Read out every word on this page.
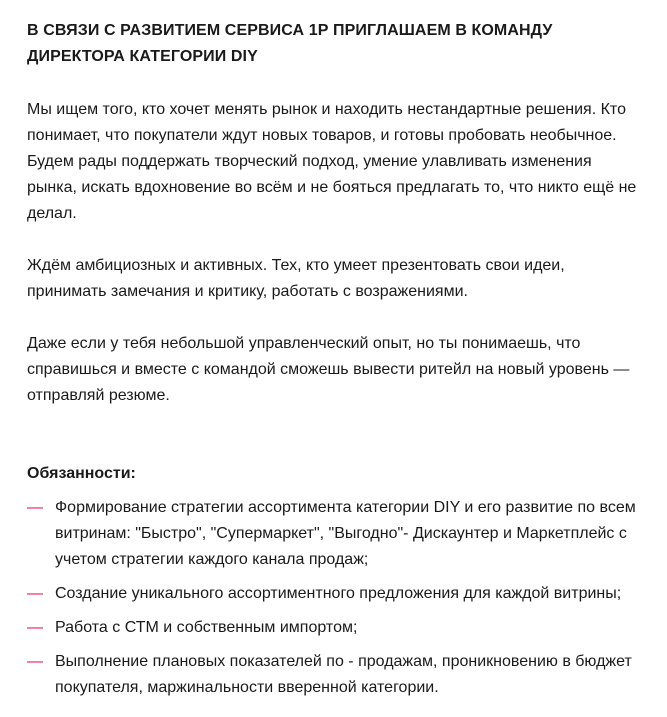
В СВЯЗИ С РАЗВИТИЕМ СЕРВИСА 1Р ПРИГЛАШАЕМ В КОМАНДУ
ДИРЕКТОРА КАТЕГОРИИ DIY

Мы ищем того, кто хочет менять рынок и находить нестандартные решения. Кто
понимает, что покупатели ждут новых товаров, и готовы пробовать необычное.
Будем рады поддержать творческий подход, умение улавливать изменения
рынка, искать вдохновение во всём и не бояться предлагать то, что никто ещё не
делал.

Ждём амбициозных и активных. Тех, кто умеет презентовать свои идеи,
принимать замечания и критику, работать с возражениями.

Даже если у тебя небольшой управленческий опыт, но ты понимаешь, что
справишься и вместе с командой сможешь вывести ритейл на новый уровень —
отправляй резюме.

Обязанности:
— Формирование стратегии ассортимента категории DIY и его развитие по всем
витринам: "Быстро", "Супермаркет", "Выгодно"- Дискаунтер и Маркетплейс с
учетом стратегии каждого канала продаж;
— Создание уникального ассортиментного предложения для каждой витрины;
— Работа с СТМ и собственным импортом;
— Выполнение плановых показателей по - продажам, проникновению в бюджет
покупателя, маржинальности вверенной категории.
